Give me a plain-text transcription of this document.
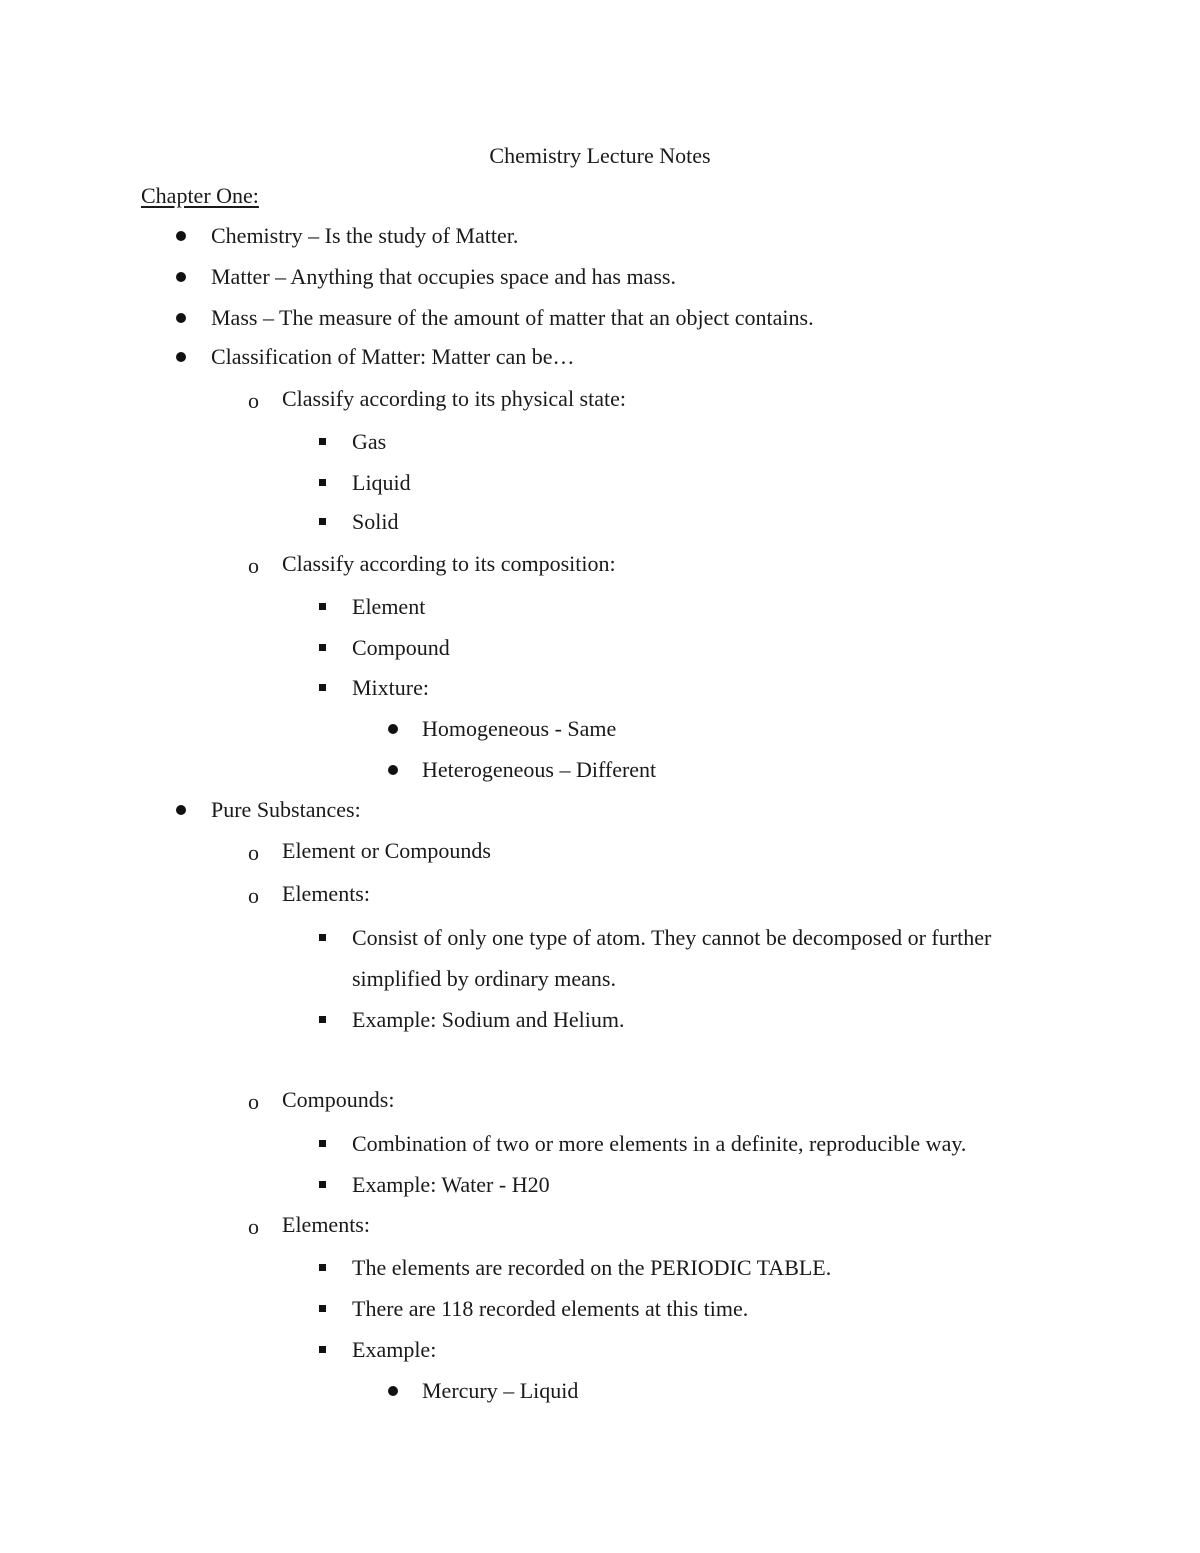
Chemistry Lecture Notes
Chapter One:
Chemistry – Is the study of Matter.
Matter – Anything that occupies space and has mass.
Mass – The measure of the amount of matter that an object contains.
Classification of Matter: Matter can be…
o Classify according to its physical state:
Gas
Liquid
Solid
o Classify according to its composition:
Element
Compound
Mixture:
Homogeneous - Same
Heterogeneous – Different
Pure Substances:
o Element or Compounds
o Elements:
Consist of only one type of atom. They cannot be decomposed or further
simplified by ordinary means.
Example: Sodium and Helium.
o Compounds:
Combination of two or more elements in a definite, reproducible way.
Example: Water - H20
o Elements:
The elements are recorded on the PERIODIC TABLE.
There are 118 recorded elements at this time.
Example:
Mercury – Liquid
